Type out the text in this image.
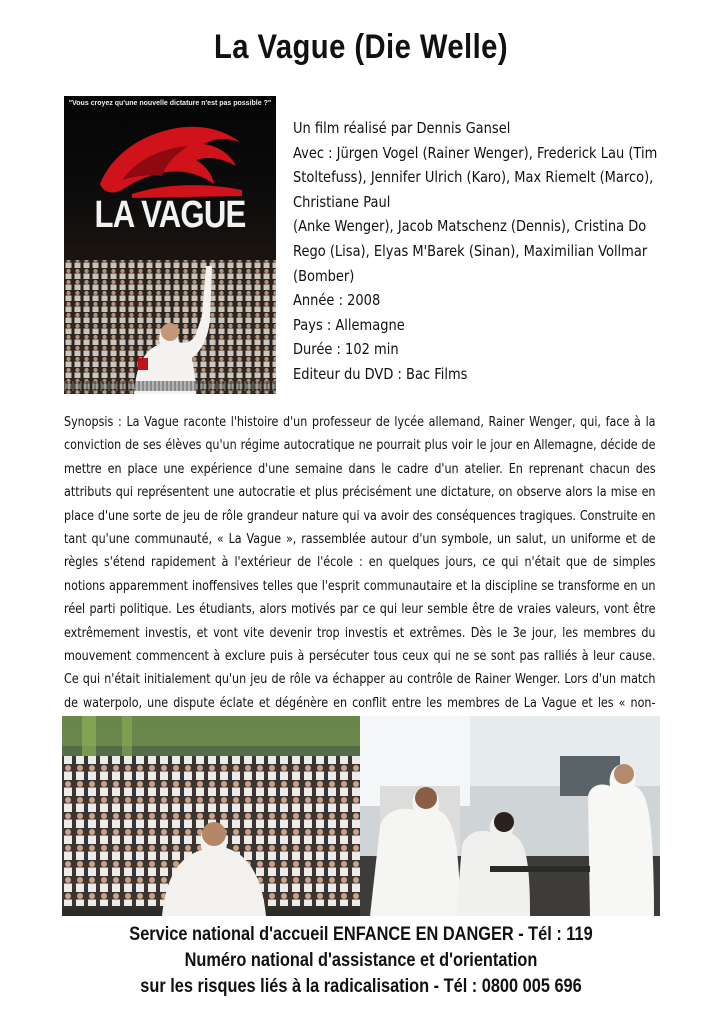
La Vague (Die Welle)
"Vous croyez qu'une nouvelle dictature n'est pas possible ?"
LA VAGUE
Un film réalisé par Dennis Gansel
Avec : Jürgen Vogel (Rainer Wenger), Frederick Lau (Tim Stoltefuss), Jennifer Ulrich (Karo), Max Riemelt (Marco), Christiane Paul
(Anke Wenger), Jacob Matschenz (Dennis), Cristina Do Rego (Lisa), Elyas M'Barek (Sinan), Maximilian Vollmar (Bomber)
Année : 2008
Pays : Allemagne
Durée : 102 min
Editeur du DVD : Bac Films
Synopsis : La Vague raconte l'histoire d'un professeur de lycée allemand, Rainer Wenger, qui, face à la conviction de ses élèves qu'un régime autocratique ne pourrait plus voir le jour en Allemagne, décide de mettre en place une expérience d'une semaine dans le cadre d'un atelier. En reprenant chacun des attributs qui représentent une autocratie et plus précisément une dictature, on observe alors la mise en place d'une sorte de jeu de rôle grandeur nature qui va avoir des conséquences tragiques. Construite en tant qu'une communauté, « La Vague », rassemblée autour d'un symbole, un salut, un uniforme et de règles s'étend rapidement à l'extérieur de l'école : en quelques jours, ce qui n'était que de simples notions apparemment inoffensives telles que l'esprit communautaire et la discipline se transforme en un réel parti politique. Les étudiants, alors motivés par ce qui leur semble être de vraies valeurs, vont être extrêmement investis, et vont vite devenir trop investis et extrêmes. Dès le 3e jour, les membres du mouvement commencent à exclure puis à persécuter tous ceux qui ne se sont pas ralliés à leur cause. Ce qui n'était initialement qu'un jeu de rôle va échapper au contrôle de Rainer Wenger. Lors d'un match de waterpolo, une dispute éclate et dégénère en conflit entre les membres de La Vague et les « non-
Service national d'accueil ENFANCE EN DANGER - Tél : 119
Numéro national d'assistance et d'orientation
sur les risques liés à la radicalisation - Tél : 0800 005 696
